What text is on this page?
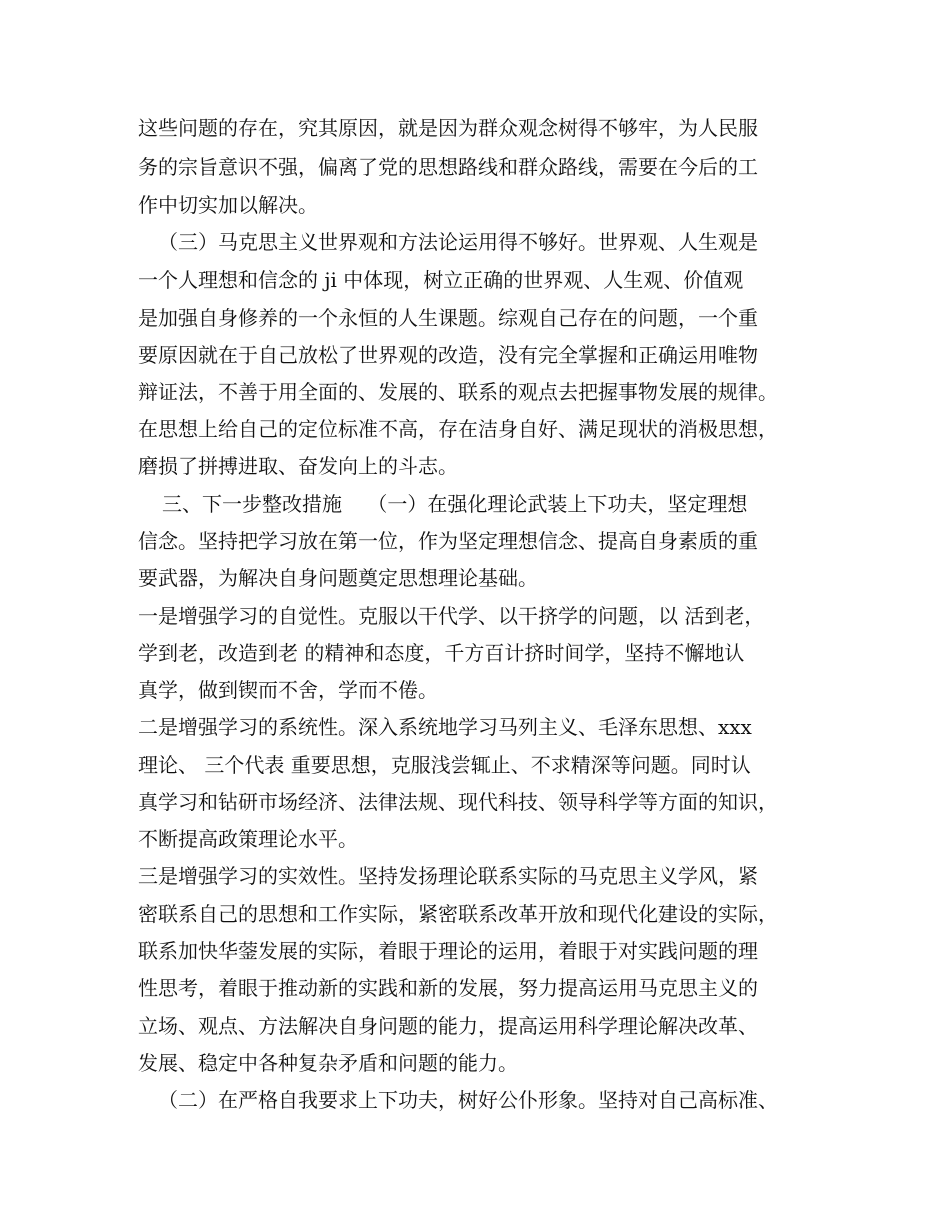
这些问题的存在，究其原因，就是因为群众观念树得不够牢，为人民服
务的宗旨意识不强，偏离了党的思想路线和群众路线，需要在今后的工
作中切实加以解决。
（三）马克思主义世界观和方法论运用得不够好。世界观、人生观是
一个人理想和信念的 ji 中体现，树立正确的世界观、人生观、价值观
是加强自身修养的一个永恒的人生课题。综观自己存在的问题，一个重
要原因就在于自己放松了世界观的改造，没有完全掌握和正确运用唯物
辩证法，不善于用全面的、发展的、联系的观点去把握事物发展的规律。
在思想上给自己的定位标准不高，存在洁身自好、满足现状的消极思想，
磨损了拼搏进取、奋发向上的斗志。
三、下一步整改措施    （一）在强化理论武装上下功夫，坚定理想
信念。坚持把学习放在第一位，作为坚定理想信念、提高自身素质的重
要武器，为解决自身问题奠定思想理论基础。
一是增强学习的自觉性。克服以干代学、以干挤学的问题，以 活到老，
学到老，改造到老 的精神和态度，千方百计挤时间学，坚持不懈地认
真学，做到锲而不舍，学而不倦。
二是增强学习的系统性。深入系统地学习马列主义、毛泽东思想、xxx
理论、 三个代表 重要思想，克服浅尝辄止、不求精深等问题。同时认
真学习和钻研市场经济、法律法规、现代科技、领导科学等方面的知识，
不断提高政策理论水平。
三是增强学习的实效性。坚持发扬理论联系实际的马克思主义学风，紧
密联系自己的思想和工作实际，紧密联系改革开放和现代化建设的实际，
联系加快华蓥发展的实际，着眼于理论的运用，着眼于对实践问题的理
性思考，着眼于推动新的实践和新的发展，努力提高运用马克思主义的
立场、观点、方法解决自身问题的能力，提高运用科学理论解决改革、
发展、稳定中各种复杂矛盾和问题的能力。
（二）在严格自我要求上下功夫，树好公仆形象。坚持对自己高标准、
